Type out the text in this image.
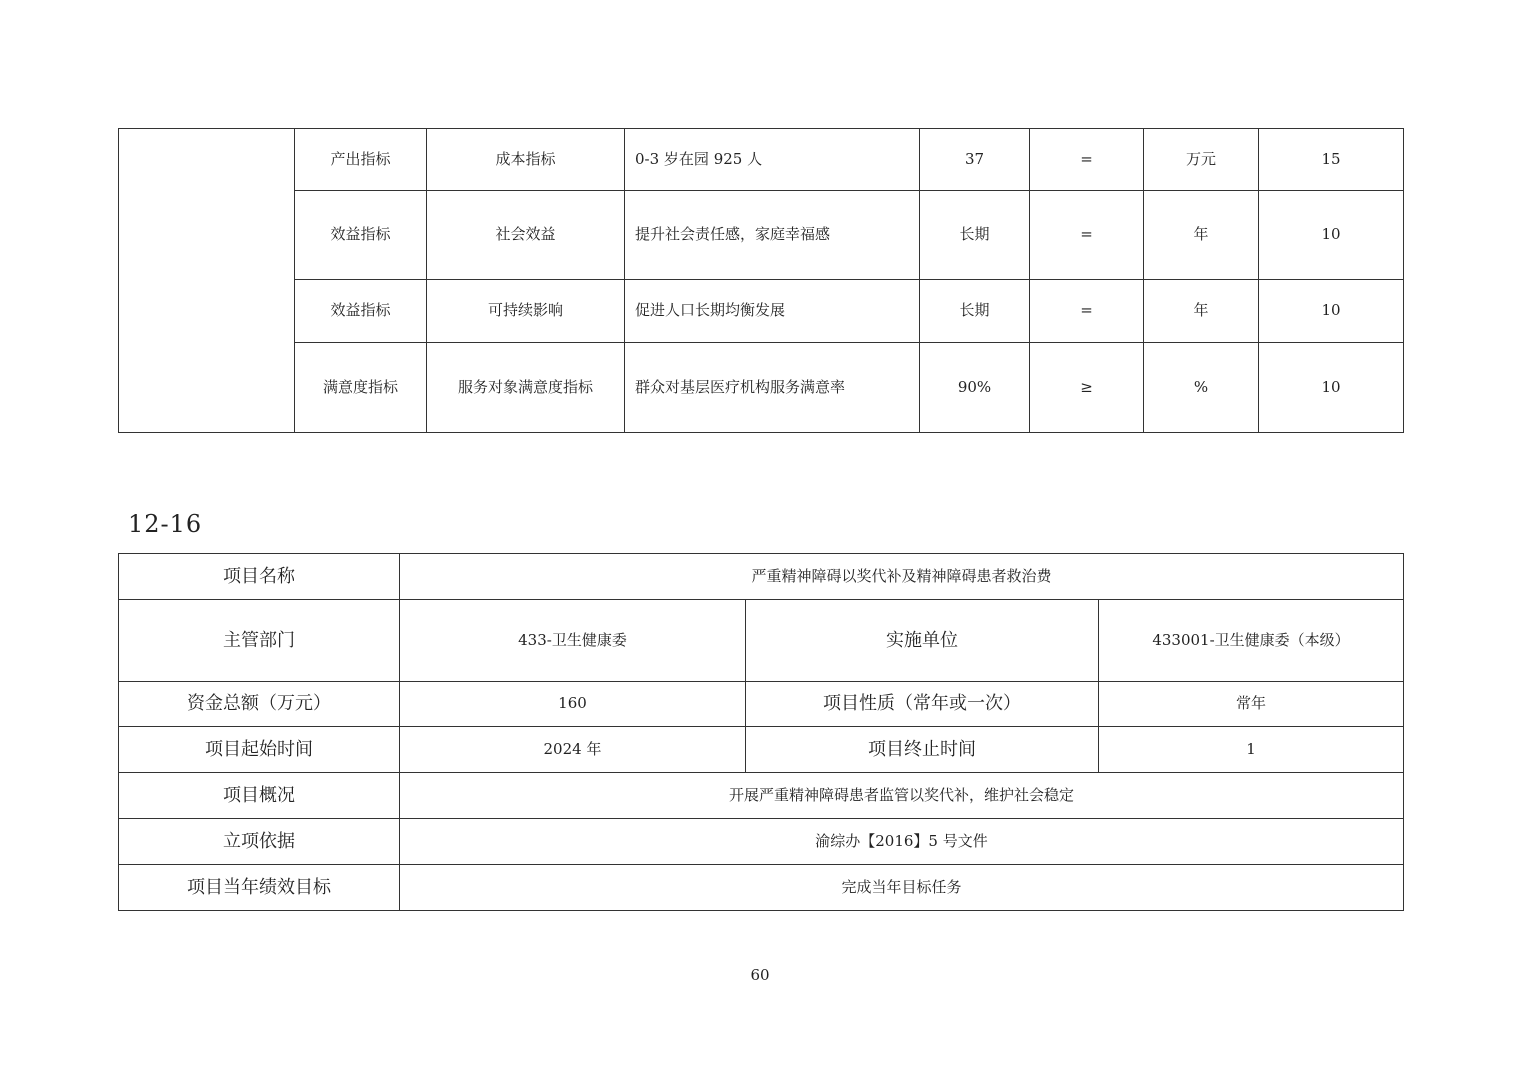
	产出指标	成本指标	0-3 岁在园 925 人	37	=	万元	15
	效益指标	社会效益	提升社会责任感，家庭幸福感	长期	=	年	10
	效益指标	可持续影响	促进人口长期均衡发展	长期	=	年	10
	满意度指标	服务对象满意度指标	群众对基层医疗机构服务满意率	90%	≥	%	10
12-16
项目名称	严重精神障碍以奖代补及精神障碍患者救治费		
主管部门	433-卫生健康委	实施单位	433001-卫生健康委（本级）
资金总额（万元）	160	项目性质（常年或一次）	常年
项目起始时间	2024 年	项目终止时间	1
项目概况	开展严重精神障碍患者监管以奖代补，维护社会稳定		
立项依据	渝综办【2016】5 号文件		
项目当年绩效目标	完成当年目标任务		
60
